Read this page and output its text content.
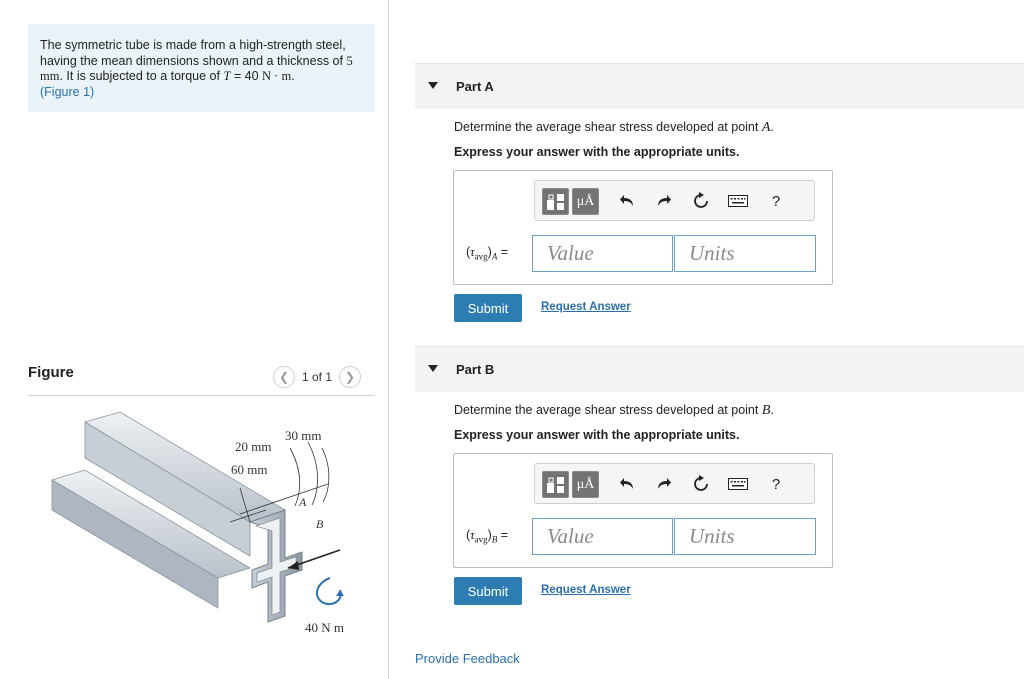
The symmetric tube is made from a high-strength steel, having the mean dimensions shown and a thickness of 5 mm. It is subjected to a torque of T = 40 N · m.
(Figure 1)
Figure	❮	1 of 1	❯
20 mm
30 mm
60 mm
A
B
40 N m
Part A
Determine the average shear stress developed at point A.
Express your answer with the appropriate units.
μÅ	?
$(\tau_{avg})_A$ =
Value
Units
Submit	Request Answer
Part B
Determine the average shear stress developed at point B.
Express your answer with the appropriate units.
μÅ	?
$(\tau_{avg})_B$ =
Value
Units
Submit	Request Answer
Provide Feedback
